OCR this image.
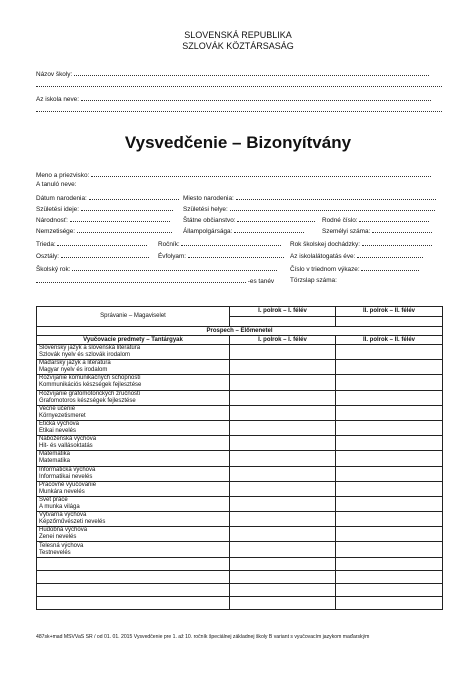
SLOVENSKÁ REPUBLIKA
SZLOVÁK KÖZTÁRSASÁG
Názov školy:
Az iskola neve:
Vysvedčenie – Bizonyítvány
Meno a priezvisko:
A tanuló neve:
Dátum narodenia:	Miesto narodenia:
Születési ideje:	Születési helye:
Národnosť:	Štátne občianstvo:	Rodné číslo:
Nemzetisége:	Állampolgársága:	Személyi száma:
Trieda:	Ročník:	Rok školskej dochádzky:
Osztály:	Évfolyam:	Az iskolalátogatás éve:
Školský rok:	Číslo v triednom výkaze:
-es tanév	Törzslap száma:
Správanie – Magaviselet	I. polrok – I. félév	II. polrok – II. félév

Prospech – Előmenetel		
Vyučovacie predmety – Tantárgyak	I. polrok – I. félév	II. polrok – II. félév

Slovenský jazyk a slovenská literatúra
Szlovák nyelv és szlovák irodalom		

Maďarský jazyk a literatúra
Magyar nyelv és irodalom		

Rozvíjanie komunikačných schopností
Kommunikációs készségek fejlesztése		

Rozvíjanie grafomotorických zručností
Grafomotoros készségek fejlesztése		

Vecné učenie
Környezetismeret		

Etická výchova
Etikai nevelés		

Náboženská výchova
Hit- és vallásoktatás		

Matematika
Matematika		

Informatická výchova
Informatikai nevelés		

Pracovné vyučovanie
Munkára nevelés		

Svet práce
A munka világa		

Výtvarná výchova
Képzőművészeti nevelés		

Hudobná výchova
Zenei nevelés		

Telesná výchova
Testnevelés		

487sk+mad MŠVVaŠ SR / od 01. 01. 2015 Vysvedčenie pre 1. až 10. ročník špeciálnej základnej školy B variant s vyučovacím jazykom maďarským
